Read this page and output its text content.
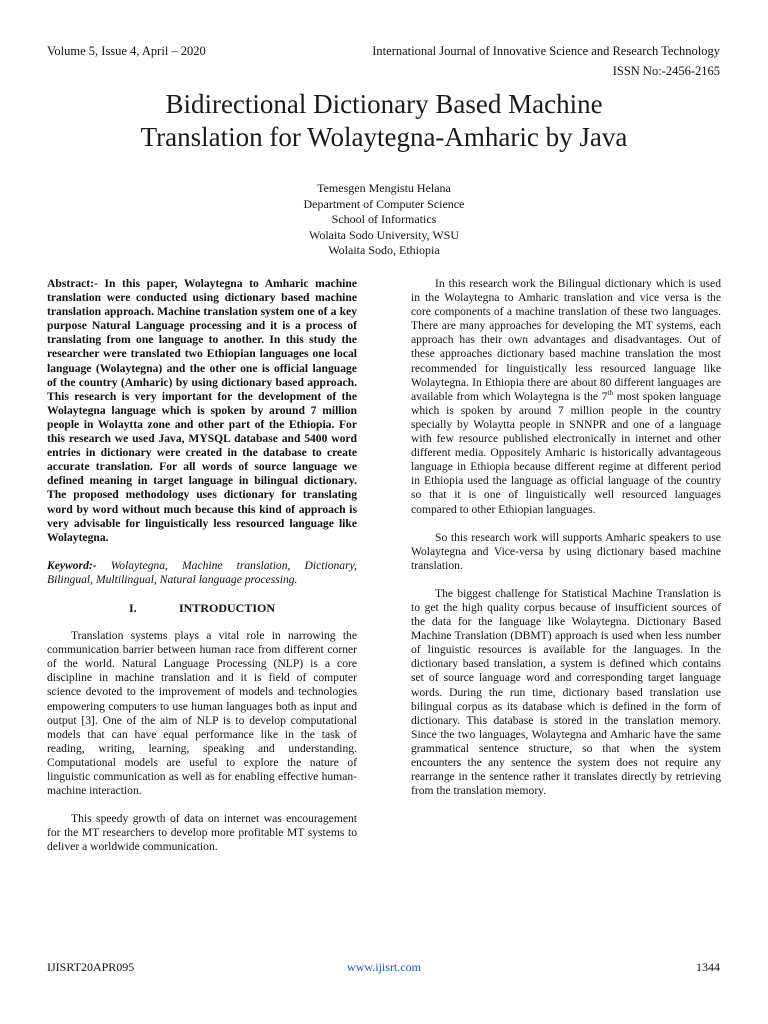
Volume 5, Issue 4, April – 2020	International Journal of Innovative Science and Research Technology
ISSN No:-2456-2165
Bidirectional Dictionary Based Machine
Translation for Wolaytegna-Amharic by Java
Temesgen Mengistu Helana
Department of Computer Science
School of Informatics
Wolaita Sodo University, WSU
Wolaita Sodo, Ethiopia

Abstract:- In this paper, Wolaytegna to Amharic machine translation were conducted using dictionary based machine translation approach. Machine translation system one of a key purpose Natural Language processing and it is a process of translating from one language to another. In this study the researcher were translated two Ethiopian languages one local language (Wolaytegna) and the other one is official language of the country (Amharic) by using dictionary based approach. This research is very important for the development of the Wolaytegna language which is spoken by around 7 million people in Wolaytta zone and other part of the Ethiopia. For this research we used Java, MYSQL database and 5400 word entries in dictionary were created in the database to create accurate translation. For all words of source language we defined meaning in target language in bilingual dictionary. The proposed methodology uses dictionary for translating word by word without much because this kind of approach is very advisable for linguistically less resourced language like Wolaytegna.

Keyword:- Wolaytegna, Machine translation, Dictionary, Bilingual, Multilingual, Natural language processing.

I.	INTRODUCTION

Translation systems plays a vital role in narrowing the communication barrier between human race from different corner of the world. Natural Language Processing (NLP) is a core discipline in machine translation and it is field of computer science devoted to the improvement of models and technologies empowering computers to use human languages both as input and output [3]. One of the aim of NLP is to develop computational models that can have equal performance like in the task of reading, writing, learning, speaking and understanding. Computational models are useful to explore the nature of linguistic communication as well as for enabling effective human-machine interaction.

This speedy growth of data on internet was encouragement for the MT researchers to develop more profitable MT systems to deliver a worldwide communication.

In this research work the Bilingual dictionary which is used in the Wolaytegna to Amharic translation and vice versa is the core components of a machine translation of these two languages. There are many approaches for developing the MT systems, each approach has their own advantages and disadvantages. Out of these approaches dictionary based machine translation the most recommended for linguistically less resourced language like Wolaytegna. In Ethiopia there are about 80 different languages are available from which Wolaytegna is the 7th most spoken language which is spoken by around 7 million people in the country specially by Wolaytta people in SNNPR and one of a language with few resource published electronically in internet and other different media. Oppositely Amharic is historically advantageous language in Ethiopia because different regime at different period in Ethiopia used the language as official language of the country so that it is one of linguistically well resourced languages compared to other Ethiopian languages.

So this research work will supports Amharic speakers to use Wolaytegna and Vice-versa by using dictionary based machine translation.

The biggest challenge for Statistical Machine Translation is to get the high quality corpus because of insufficient sources of the data for the language like Wolaytegna. Dictionary Based Machine Translation (DBMT) approach is used when less number of linguistic resources is available for the languages. In the dictionary based translation, a system is defined which contains set of source language word and corresponding target language words. During the run time, dictionary based translation use bilingual corpus as its database which is defined in the form of dictionary. This database is stored in the translation memory. Since the two languages, Wolaytegna and Amharic have the same grammatical sentence structure, so that when the system encounters the any sentence the system does not require any rearrange in the sentence rather it translates directly by retrieving from the translation memory.

IJISRT20APR095	www.ijisrt.com	1344
